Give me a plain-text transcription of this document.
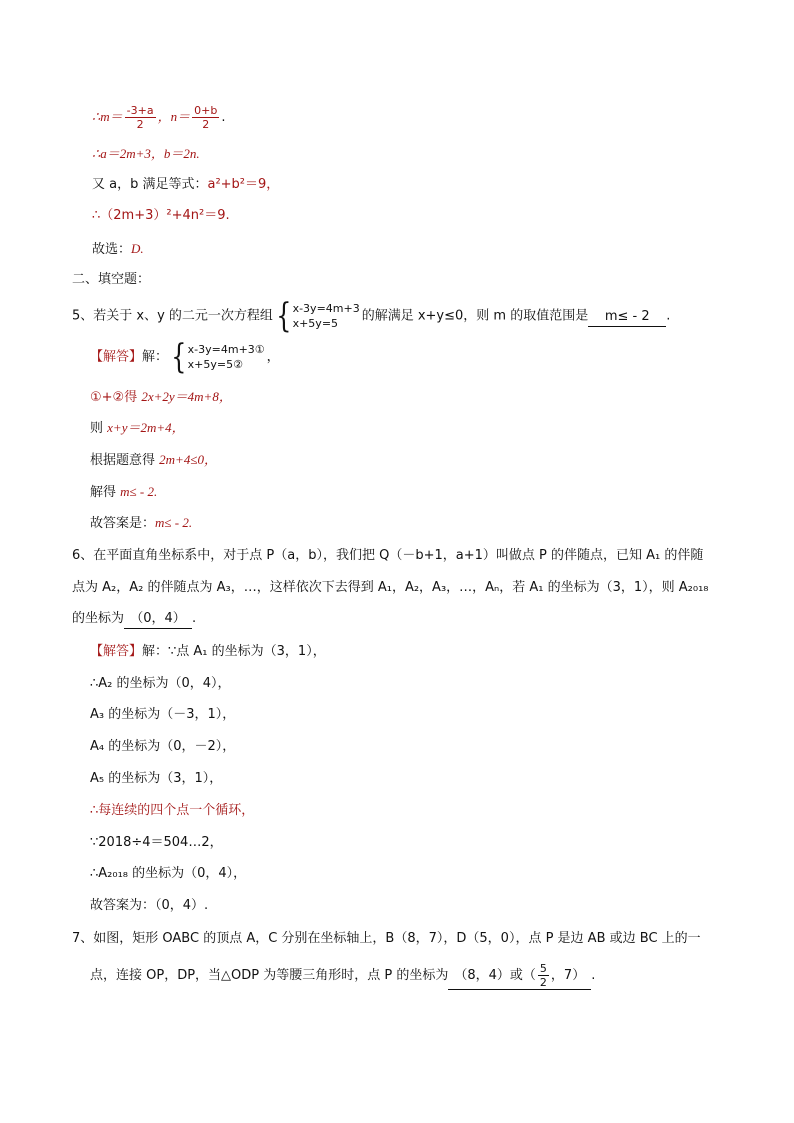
∴m＝ $\frac{-3+a}{2}$ ，$n= \frac{0+b}{2}$ .
∴a＝2m+3，b＝2n.
又 a，b 满足等式：a²+b²＝9，
∴（2m+3）²+4n²＝9.
故选：D.
二、填空题：
5、若关于 x、y 的二元一次方程组{ x-3y=4m+3
x+5y=5	的解满足 x+y≤0，则 m 的取值范围是 m≤ - 2 .
【解答】解：{ x-3y=4m+3①
x+5y=5②	，
①+②得 2x+2y＝4m+8，
则 x+y＝2m+4，
根据题意得 2m+4≤0，
解得 m≤ - 2.
故答案是：m≤ - 2.
6、在平面直角坐标系中，对于点 P（a，b），我们把 Q（－b+1，a+1）叫做点 P 的伴随点，已知 A₁ 的伴随
点为 A₂，A₂ 的伴随点为 A₃，…，这样依次下去得到 A₁，A₂，A₃，…，Aₙ，若 A₁ 的坐标为（3，1），则 A₂₀₁₈
的坐标为 （0，4） .
【解答】解：∵点 A₁ 的坐标为（3，1），
∴A₂ 的坐标为（0，4），
A₃ 的坐标为（－3，1），
A₄ 的坐标为（0，－2），
A₅ 的坐标为（3，1），
∴每连续的四个点一个循环，
∵2018÷4＝504…2，
∴A₂₀₁₈ 的坐标为（0，4），
故答案为：（0，4）.
7、如图，矩形 OABC 的顶点 A，C 分别在坐标轴上，B（8，7），D（5，0），点 P 是边 AB 或边 BC 上的一
点，连接 OP，DP，当△ODP 为等腰三角形时，点 P 的坐标为 （8，4）或（ $\frac{5}{2}$ ，7） .
